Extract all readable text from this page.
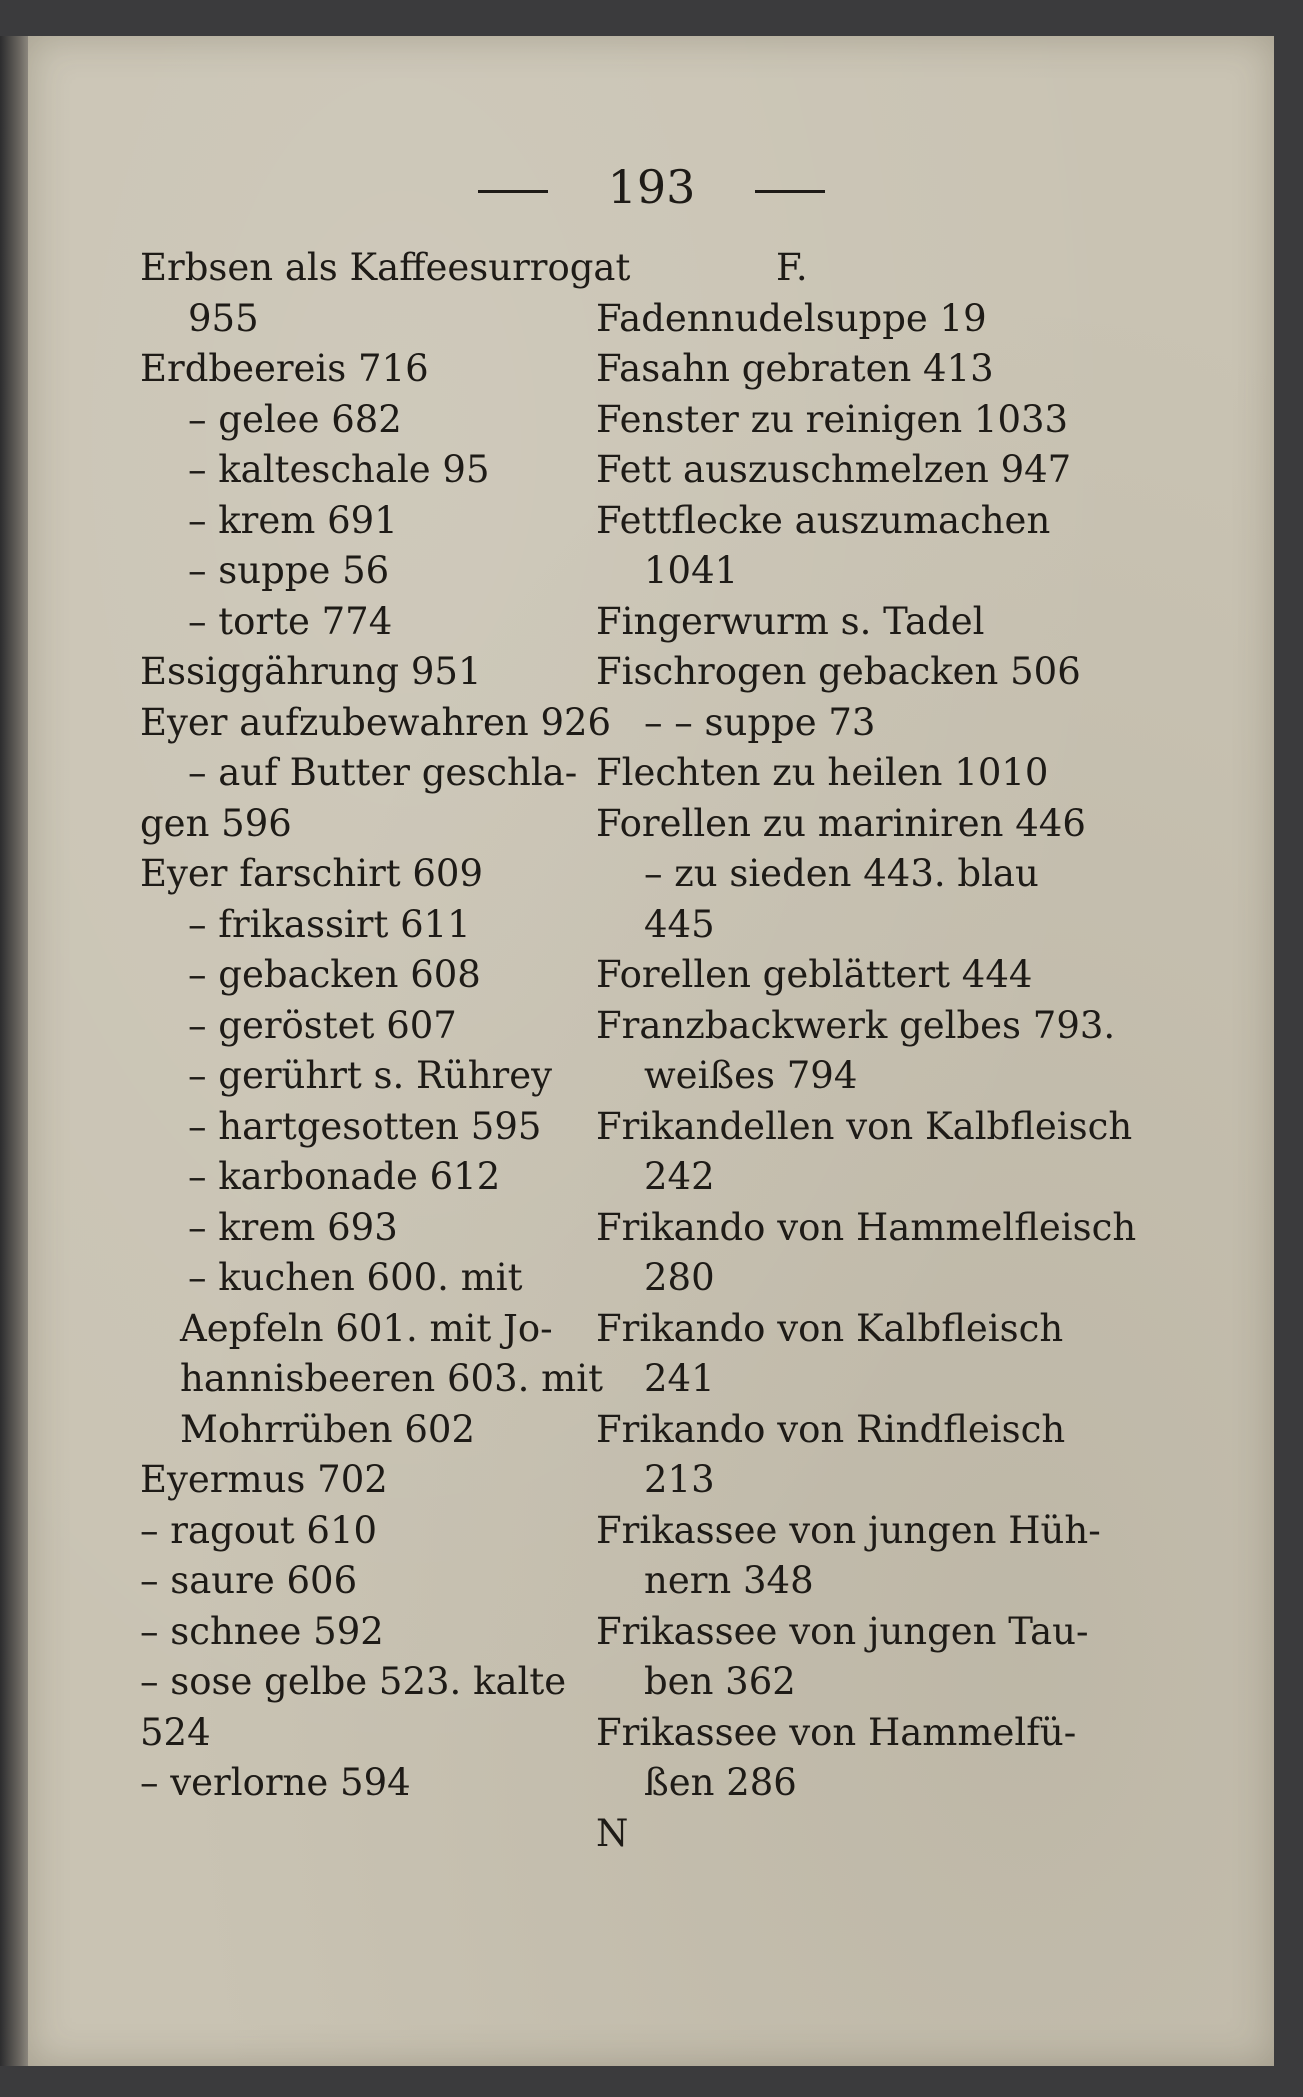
193
Erbsen als Kaffeesurrogat
955
Erdbeereis 716
– gelee 682
– kalteschale 95
– krem 691
– suppe 56
– torte 774
Essiggährung 951
Eyer aufzubewahren 926
– auf Butter geschla-
gen 596
Eyer farschirt 609
– frikassirt 611
– gebacken 608
– geröstet 607
– gerührt s. Rührey
– hartgesotten 595
– karbonade 612
– krem 693
– kuchen 600. mit
Aepfeln 601. mit Jo-
hannisbeeren 603. mit
Mohrrüben 602
Eyermus 702
– ragout 610
– saure 606
– schnee 592
– sose gelbe 523. kalte
524
– verlorne 594
F.
Fadennudelsuppe 19
Fasahn gebraten 413
Fenster zu reinigen 1033
Fett auszuschmelzen 947
Fettflecke auszumachen
1041
Fingerwurm s. Tadel
Fischrogen gebacken 506
– – suppe 73
Flechten zu heilen 1010
Forellen zu mariniren 446
– zu sieden 443. blau
445
Forellen geblättert 444
Franzbackwerk gelbes 793.
weißes 794
Frikandellen von Kalbfleisch
242
Frikando von Hammelfleisch
280
Frikando von Kalbfleisch
241
Frikando von Rindfleisch
213
Frikassee von jungen Hüh-
nern 348
Frikassee von jungen Tau-
ben 362
Frikassee von Hammelfü-
ßen 286
N
